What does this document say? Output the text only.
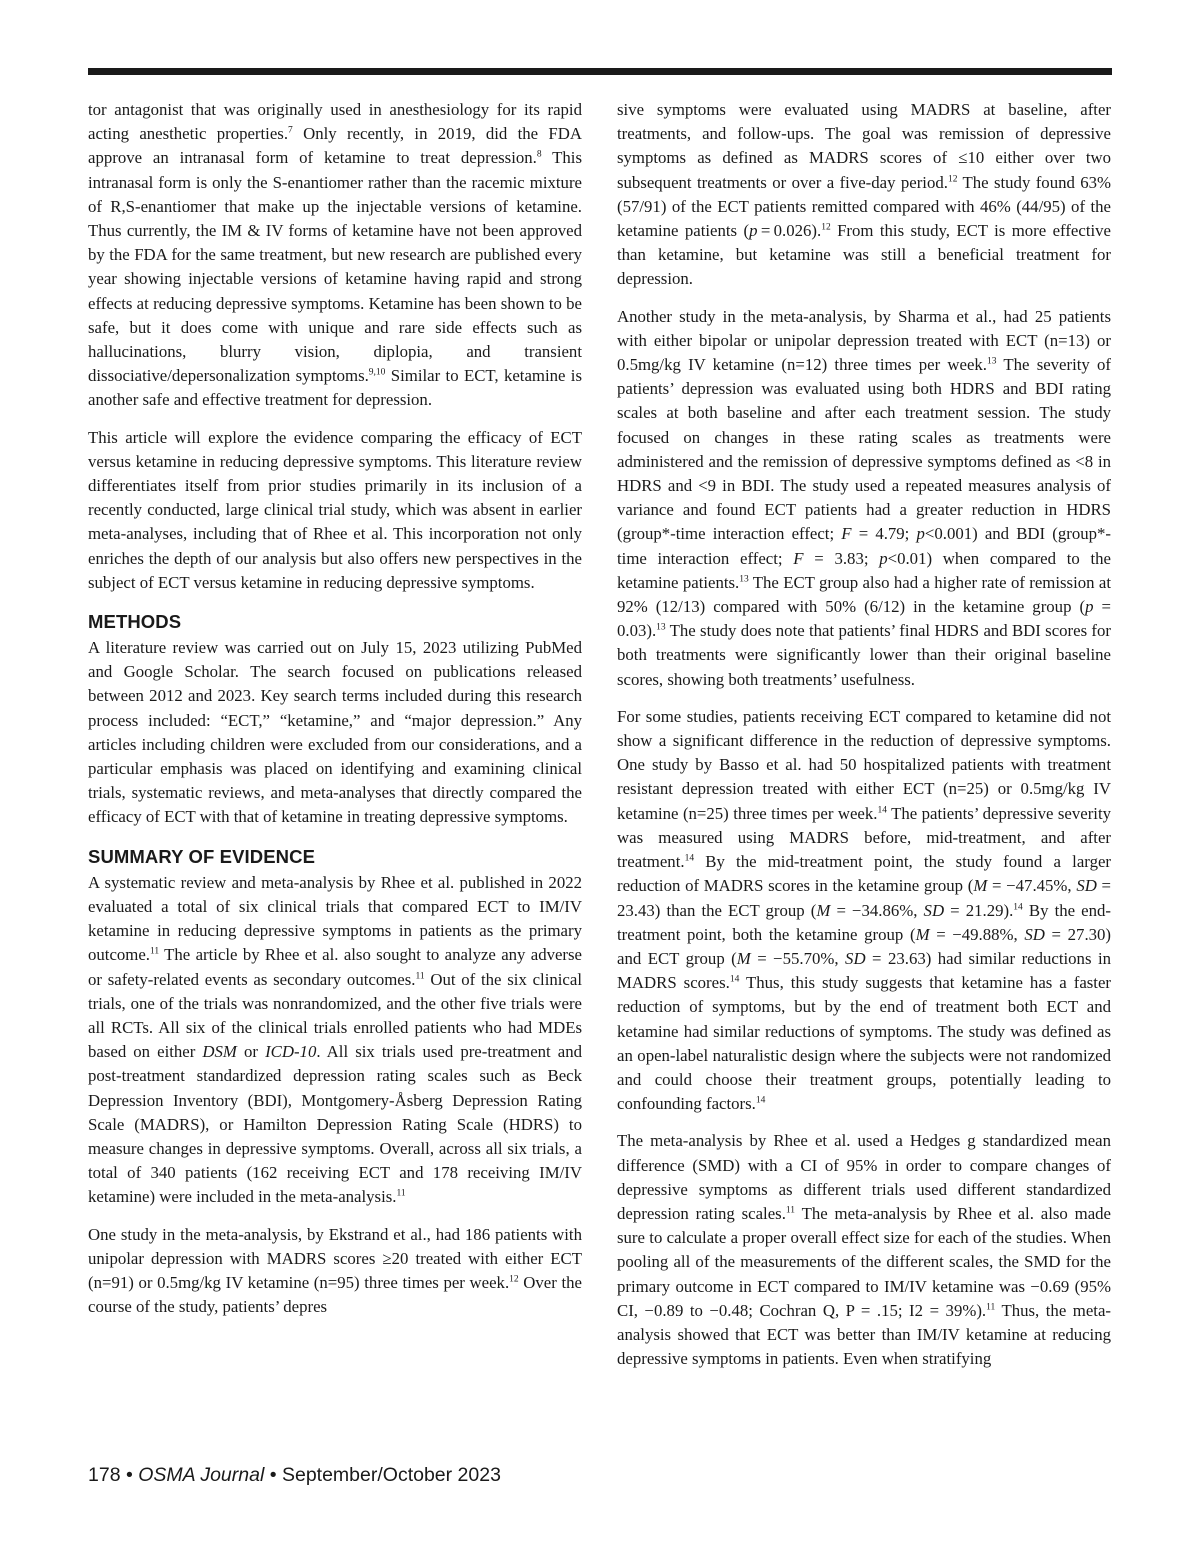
tor antagonist that was originally used in anesthesiology for its rapid acting anesthetic properties.$^7$ Only recently, in 2019, did the FDA approve an intranasal form of ketamine to treat depression.$^8$ This intranasal form is only the S-enantiomer rather than the racemic mixture of R,S-enantiomer that make up the injectable versions of ketamine. Thus currently, the IM & IV forms of ketamine have not been approved by the FDA for the same treatment, but new research are published every year showing injectable versions of ketamine having rapid and strong effects at reducing depressive symptoms. Ketamine has been shown to be safe, but it does come with unique and rare side effects such as hallucinations, blurry vision, diplopia, and transient dissociative/depersonalization symptoms.$^{9,10}$ Similar to ECT, ketamine is another safe and effective treatment for depression.

This article will explore the evidence comparing the efficacy of ECT versus ketamine in reducing depressive symptoms. This literature review differentiates itself from prior studies primarily in its inclusion of a recently conducted, large clinical trial study, which was absent in earlier meta-analyses, including that of Rhee et al. This incorporation not only enriches the depth of our analysis but also offers new perspectives in the subject of ECT versus ketamine in reducing depressive symptoms.

METHODS

A literature review was carried out on July 15, 2023 utilizing PubMed and Google Scholar. The search focused on publications released between 2012 and 2023. Key search terms included during this research process included: “ECT,” “ketamine,” and “major depression.” Any articles including children were excluded from our considerations, and a particular emphasis was placed on identifying and examining clinical trials, systematic reviews, and meta-analyses that directly compared the efficacy of ECT with that of ketamine in treating depressive symptoms.

SUMMARY OF EVIDENCE

A systematic review and meta-analysis by Rhee et al. published in 2022 evaluated a total of six clinical trials that compared ECT to IM/IV ketamine in reducing depressive symptoms in patients as the primary outcome.$^{11}$ The article by Rhee et al. also sought to analyze any adverse or safety-related events as secondary outcomes.$^{11}$ Out of the six clinical trials, one of the trials was nonrandomized, and the other five trials were all RCTs. All six of the clinical trials enrolled patients who had MDEs based on either DSM or ICD-10. All six trials used pre-treatment and post-treatment standardized depression rating scales such as Beck Depression Inventory (BDI), Montgomery-Åsberg Depression Rating Scale (MADRS), or Hamilton Depression Rating Scale (HDRS) to measure changes in depressive symptoms. Overall, across all six trials, a total of 340 patients (162 receiving ECT and 178 receiving IM/IV ketamine) were included in the meta-analysis.$^{11}$

One study in the meta-analysis, by Ekstrand et al., had 186 patients with unipolar depression with MADRS scores ≥20 treated with either ECT (n=91) or 0.5mg/kg IV ketamine (n=95) three times per week.$^{12}$ Over the course of the study, patients’ depres

sive symptoms were evaluated using MADRS at baseline, after treatments, and follow-ups. The goal was remission of depressive symptoms as defined as MADRS scores of ≤10 either over two subsequent treatments or over a five-day period.$^{12}$ The study found 63% (57/91) of the ECT patients remitted compared with 46% (44/95) of the ketamine patients (p = 0.026).$^{12}$ From this study, ECT is more effective than ketamine, but ketamine was still a beneficial treatment for depression.

Another study in the meta-analysis, by Sharma et al., had 25 patients with either bipolar or unipolar depression treated with ECT (n=13) or 0.5mg/kg IV ketamine (n=12) three times per week.$^{13}$ The severity of patients’ depression was evaluated using both HDRS and BDI rating scales at both baseline and after each treatment session. The study focused on changes in these rating scales as treatments were administered and the remission of depressive symptoms defined as <8 in HDRS and <9 in BDI. The study used a repeated measures analysis of variance and found ECT patients had a greater reduction in HDRS (group*-time interaction effect; F = 4.79; p<0.001) and BDI (group*-time interaction effect; F = 3.83; p<0.01) when compared to the ketamine patients.$^{13}$ The ECT group also had a higher rate of remission at 92% (12/13) compared with 50% (6/12) in the ketamine group (p = 0.03).$^{13}$ The study does note that patients’ final HDRS and BDI scores for both treatments were significantly lower than their original baseline scores, showing both treatments’ usefulness.

For some studies, patients receiving ECT compared to ketamine did not show a significant difference in the reduction of depressive symptoms. One study by Basso et al. had 50 hospitalized patients with treatment resistant depression treated with either ECT (n=25) or 0.5mg/kg IV ketamine (n=25) three times per week.$^{14}$ The patients’ depressive severity was measured using MADRS before, mid-treatment, and after treatment.$^{14}$ By the mid-treatment point, the study found a larger reduction of MADRS scores in the ketamine group (M = −47.45%, SD = 23.43) than the ECT group (M = −34.86%, SD = 21.29).$^{14}$ By the end-treatment point, both the ketamine group (M = −49.88%, SD = 27.30) and ECT group (M = −55.70%, SD = 23.63) had similar reductions in MADRS scores.$^{14}$ Thus, this study suggests that ketamine has a faster reduction of symptoms, but by the end of treatment both ECT and ketamine had similar reductions of symptoms. The study was defined as an open-label naturalistic design where the subjects were not randomized and could choose their treatment groups, potentially leading to confounding factors.$^{14}$

The meta-analysis by Rhee et al. used a Hedges g standardized mean difference (SMD) with a CI of 95% in order to compare changes of depressive symptoms as different trials used different standardized depression rating scales.$^{11}$ The meta-analysis by Rhee et al. also made sure to calculate a proper overall effect size for each of the studies. When pooling all of the measurements of the different scales, the SMD for the primary outcome in ECT compared to IM/IV ketamine was −0.69 (95% CI, −0.89 to −0.48; Cochran Q, P = .15; I2 = 39%).$^{11}$ Thus, the meta-analysis showed that ECT was better than IM/IV ketamine at reducing depressive symptoms in patients. Even when stratifying

178 • OSMA Journal • September/October 2023
